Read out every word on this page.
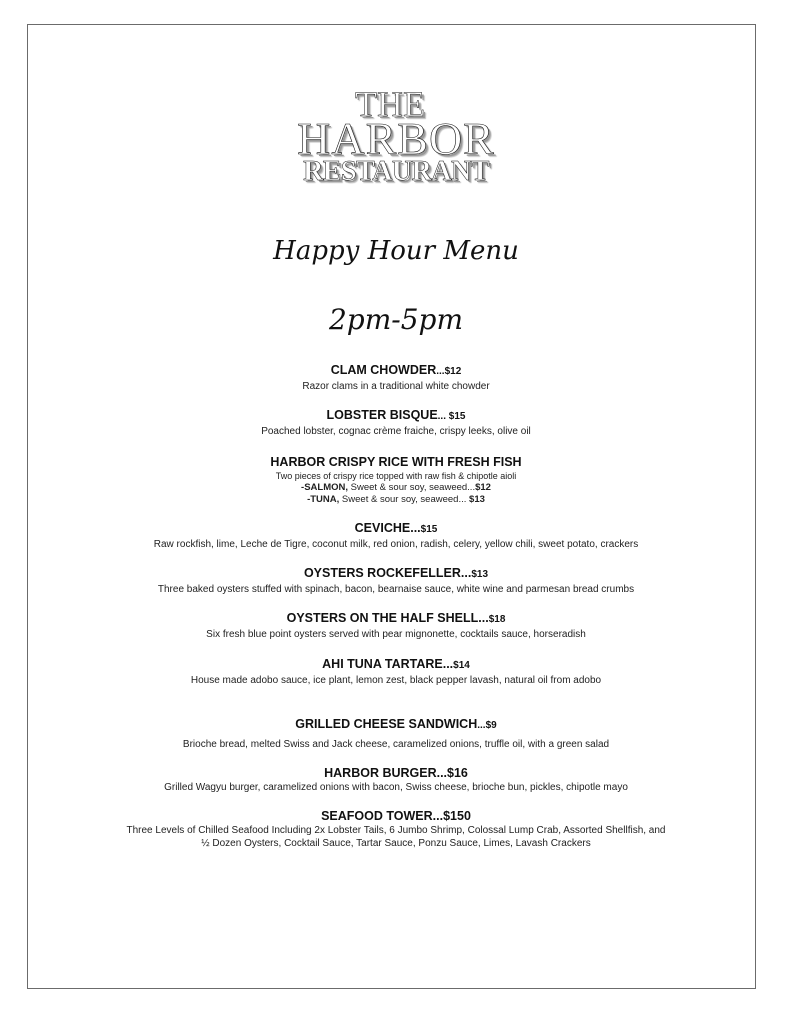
THE
HARBOR
RESTAURANT
Happy Hour Menu
2pm-5pm
CLAM CHOWDER...$12
Razor clams in a traditional white chowder
LOBSTER BISQUE... $15
Poached lobster, cognac crème fraiche, crispy leeks, olive oil
HARBOR CRISPY RICE WITH FRESH FISH
Two pieces of crispy rice topped with raw fish & chipotle aioli
-SALMON, Sweet & sour soy, seaweed...$12
-TUNA, Sweet & sour soy, seaweed... $13
CEVICHE...$15
Raw rockfish, lime, Leche de Tigre, coconut milk, red onion, radish, celery, yellow chili, sweet potato, crackers
OYSTERS ROCKEFELLER...$13
Three baked oysters stuffed with spinach, bacon, bearnaise sauce, white wine and parmesan bread crumbs
OYSTERS ON THE HALF SHELL...$18
Six fresh blue point oysters served with pear mignonette, cocktails sauce, horseradish
AHI TUNA TARTARE...$14
House made adobo sauce, ice plant, lemon zest, black pepper lavash, natural oil from adobo
GRILLED CHEESE SANDWICH...$9
Brioche bread, melted Swiss and Jack cheese, caramelized onions, truffle oil, with a green salad
HARBOR BURGER...$16
Grilled Wagyu burger, caramelized onions with bacon, Swiss cheese, brioche bun, pickles, chipotle mayo
SEAFOOD TOWER...$150
Three Levels of Chilled Seafood Including 2x Lobster Tails, 6 Jumbo Shrimp, Colossal Lump Crab, Assorted Shellfish, and
½ Dozen Oysters, Cocktail Sauce, Tartar Sauce, Ponzu Sauce, Limes, Lavash Crackers
